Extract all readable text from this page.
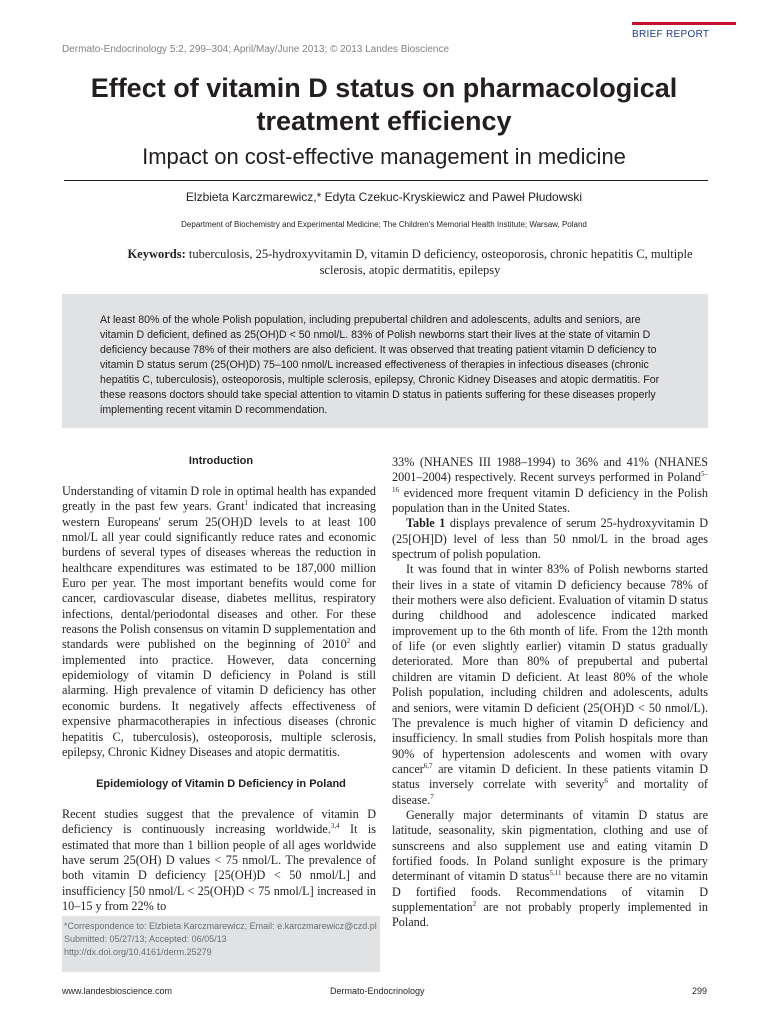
BRIEF REPORT
Dermato-Endocrinology 5:2, 299–304; April/May/June 2013; © 2013 Landes Bioscience
Effect of vitamin D status on pharmacological
treatment efficiency
Impact on cost-effective management in medicine
Elzbieta Karczmarewicz,* Edyta Czekuc-Kryskiewicz and Paweł Płudowski
Department of Biochemistry and Experimental Medicine; The Children's Memorial Health Institute; Warsaw, Poland
Keywords: tuberculosis, 25-hydroxyvitamin D, vitamin D deficiency, osteoporosis, chronic hepatitis C, multiple sclerosis, atopic dermatitis, epilepsy
At least 80% of the whole Polish population, including prepubertal children and adolescents, adults and seniors, are vitamin D deficient, defined as 25(OH)D < 50 nmol/L. 83% of Polish newborns start their lives at the state of vitamin D deficiency because 78% of their mothers are also deficient. It was observed that treating patient vitamin D deficiency to vitamin D status serum (25(OH)D) 75–100 nmol/L increased effectiveness of therapies in infectious diseases (chronic hepatitis C, tuberculosis), osteoporosis, multiple sclerosis, epilepsy, Chronic Kidney Diseases and atopic dermatitis. For these reasons doctors should take special attention to vitamin D status in patients suffering for these diseases properly implementing recent vitamin D recommendation.
Introduction

Understanding of vitamin D role in optimal health has expanded greatly in the past few years. Grant$^1$ indicated that increasing western Europeans' serum 25(OH)D levels to at least 100 nmol/L all year could significantly reduce rates and economic burdens of several types of diseases whereas the reduction in healthcare expenditures was estimated to be 187,000 million Euro per year. The most important benefits would come for cancer, cardiovascular disease, diabetes mellitus, respiratory infections, dental/periodontal diseases and other. For these reasons the Polish consensus on vitamin D supplementation and standards were published on the beginning of 2010$^2$ and implemented into practice. However, data concerning epidemiology of vitamin D deficiency in Poland is still alarming. High prevalence of vitamin D deficiency has other economic burdens. It negatively affects effectiveness of expensive pharmacotherapies in infectious diseases (chronic hepatitis C, tuberculosis), osteoporosis, multiple sclerosis, epilepsy, Chronic Kidney Diseases and atopic dermatitis.

Epidemiology of Vitamin D Deficiency in Poland

Recent studies suggest that the prevalence of vitamin D deficiency is continuously increasing worldwide.$^{3,4}$ It is estimated that more than 1 billion people of all ages worldwide have serum 25(OH) D values < 75 nmol/L. The prevalence of both vitamin D deficiency [25(OH)D < 50 nmol/L] and insufficiency [50 nmol/L < 25(OH)D < 75 nmol/L] increased in 10–15 y from 22% to

33% (NHANES III 1988–1994) to 36% and 41% (NHANES 2001–2004) respectively. Recent surveys performed in Poland$^{5-16}$ evidenced more frequent vitamin D deficiency in the Polish population than in the United States.

Table 1 displays prevalence of serum 25-hydroxyvitamin D (25[OH]D) level of less than 50 nmol/L in the broad ages spectrum of polish population.

It was found that in winter 83% of Polish newborns started their lives in a state of vitamin D deficiency because 78% of their mothers were also deficient. Evaluation of vitamin D status during childhood and adolescence indicated marked improvement up to the 6th month of life. From the 12th month of life (or even slightly earlier) vitamin D status gradually deteriorated. More than 80% of prepubertal and pubertal children are vitamin D deficient. At least 80% of the whole Polish population, including children and adolescents, adults and seniors, were vitamin D deficient (25(OH)D < 50 nmol/L). The prevalence is much higher of vitamin D deficiency and insufficiency. In small studies from Polish hospitals more than 90% of hypertension adolescents and women with ovary cancer$^{6,7}$ are vitamin D deficient. In these patients vitamin D status inversely correlate with severity$^6$ and mortality of disease.$^7$

Generally major determinants of vitamin D status are latitude, seasonality, skin pigmentation, clothing and use of sunscreens and also supplement use and eating vitamin D fortified foods. In Poland sunlight exposure is the primary determinant of vitamin D status$^{5,11}$ because there are no vitamin D fortified foods. Recommendations of vitamin D supplementation$^2$ are not probably properly implemented in Poland.

*Correspondence to: Elzbieta Karczmarewicz; Email: e.karczmarewicz@czd.pl
Submitted: 05/27/13; Accepted: 06/05/13
http://dx.doi.org/10.4161/derm.25279
www.landesbioscience.com	Dermato-Endocrinology	299
